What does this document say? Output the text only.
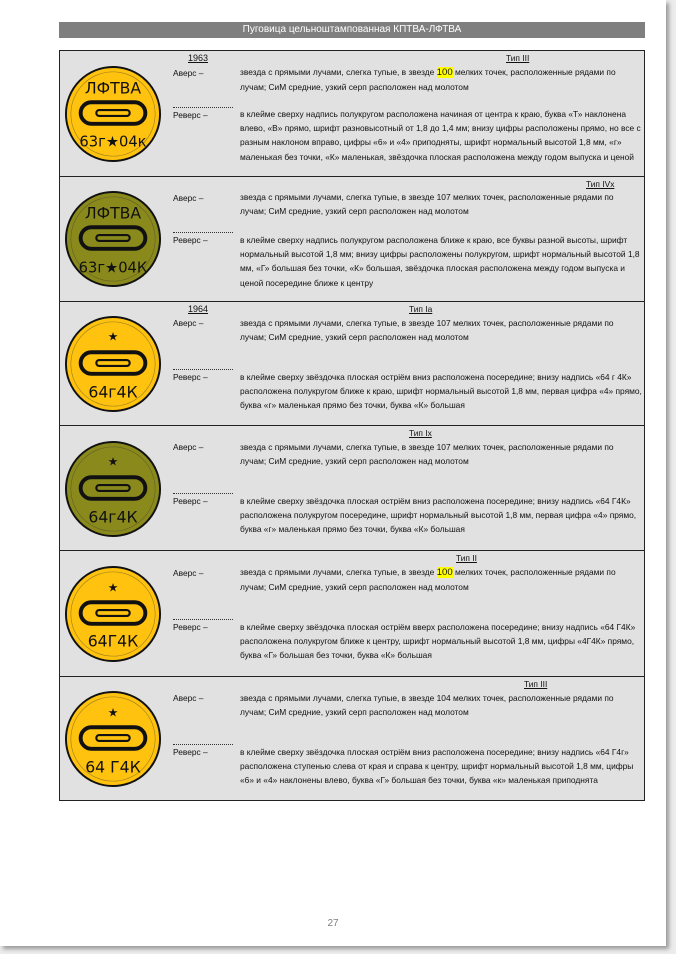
Пуговица цельноштампованная КПТВА-ЛФТВА
ЛФТВА
63г★04к
1963	Тип III
Аверс –
Реверс –
звезда с прямыми лучами, слегка тупые, в звезде 100 мелких точек, расположенные рядами по лучам; СиМ средние, узкий серп расположен над молотом
в клейме сверху надпись полукругом расположена начиная от центра к краю, буква «Т» наклонена влево, «В» прямо, шрифт разновысотный от 1,8 до 1,4 мм; внизу цифры расположены прямо, но все с разным наклоном вправо, цифры «6» и «4» приподняты, шрифт нормальный высотой 1,8 мм, «г» маленькая без точки, «К» маленькая, звёздочка плоская расположена между годом выпуска и ценой
ЛФТВА
63г★04К
Тип IVх
Аверс –
Реверс –
звезда с прямыми лучами, слегка тупые, в звезде 107 мелких точек, расположенные рядами по лучам; СиМ средние, узкий серп расположен над молотом
в клейме сверху надпись полукругом расположена ближе к краю, все буквы разной высоты, шрифт нормальный высотой 1,8 мм; внизу цифры расположены полукругом, шрифт нормальный высотой 1,8 мм, «Г» большая без точки, «К» большая, звёздочка плоская расположена между годом выпуска и ценой посередине ближе к центру
★
64г4К
1964	Тип Iа
Аверс –
Реверс –
звезда с прямыми лучами, слегка тупые, в звезде 107 мелких точек, расположенные рядами по лучам; СиМ средние, узкий серп расположен над молотом
в клейме сверху звёздочка плоская острiём вниз расположена посередине; внизу надпись «64 г 4К» расположена полукругом ближе к краю, шрифт нормальный высотой 1,8 мм, первая цифра «4» прямо, буква «г» маленькая прямо без точки, буква «К» большая
★
64г4К
Тип Iх
Аверс –
Реверс –
звезда с прямыми лучами, слегка тупые, в звезде 107 мелких точек, расположенные рядами по лучам; СиМ средние, узкий серп расположен над молотом
в клейме сверху звёздочка плоская острiём вниз расположена посередине; внизу надпись «64 Г4К» расположена полукругом посередине, шрифт нормальный высотой 1,8 мм, первая цифра «4» прямо, буква «г» маленькая прямо без точки, буква «К» большая
★
64Г4К
Тип II
Аверс –
Реверс –
звезда с прямыми лучами, слегка тупые, в звезде 100 мелких точек, расположенные рядами по лучам; СиМ средние, узкий серп расположен над молотом
в клейме сверху звёздочка плоская острiём вверх расположена посередине; внизу надпись «64 Г4К» расположена полукругом ближе к центру, шрифт нормальный высотой 1,8 мм, цифры «4Г4К» прямо, буква «Г» большая без точки, буква «К» большая
★
64 Г4К
Тип III
Аверс –
Реверс –
звезда с прямыми лучами, слегка тупые, в звезде 104 мелких точек, расположенные рядами по лучам; СиМ средние, узкий серп расположен над молотом
в клейме сверху звёздочка плоская острiём вниз расположена посередине; внизу надпись «64 Г4г» расположена ступенью слева от края и справа к центру, шрифт нормальный высотой 1,8 мм, цифры «6» и «4» наклонены влево, буква «Г» большая без точки, буква «к» маленькая приподнята
27
